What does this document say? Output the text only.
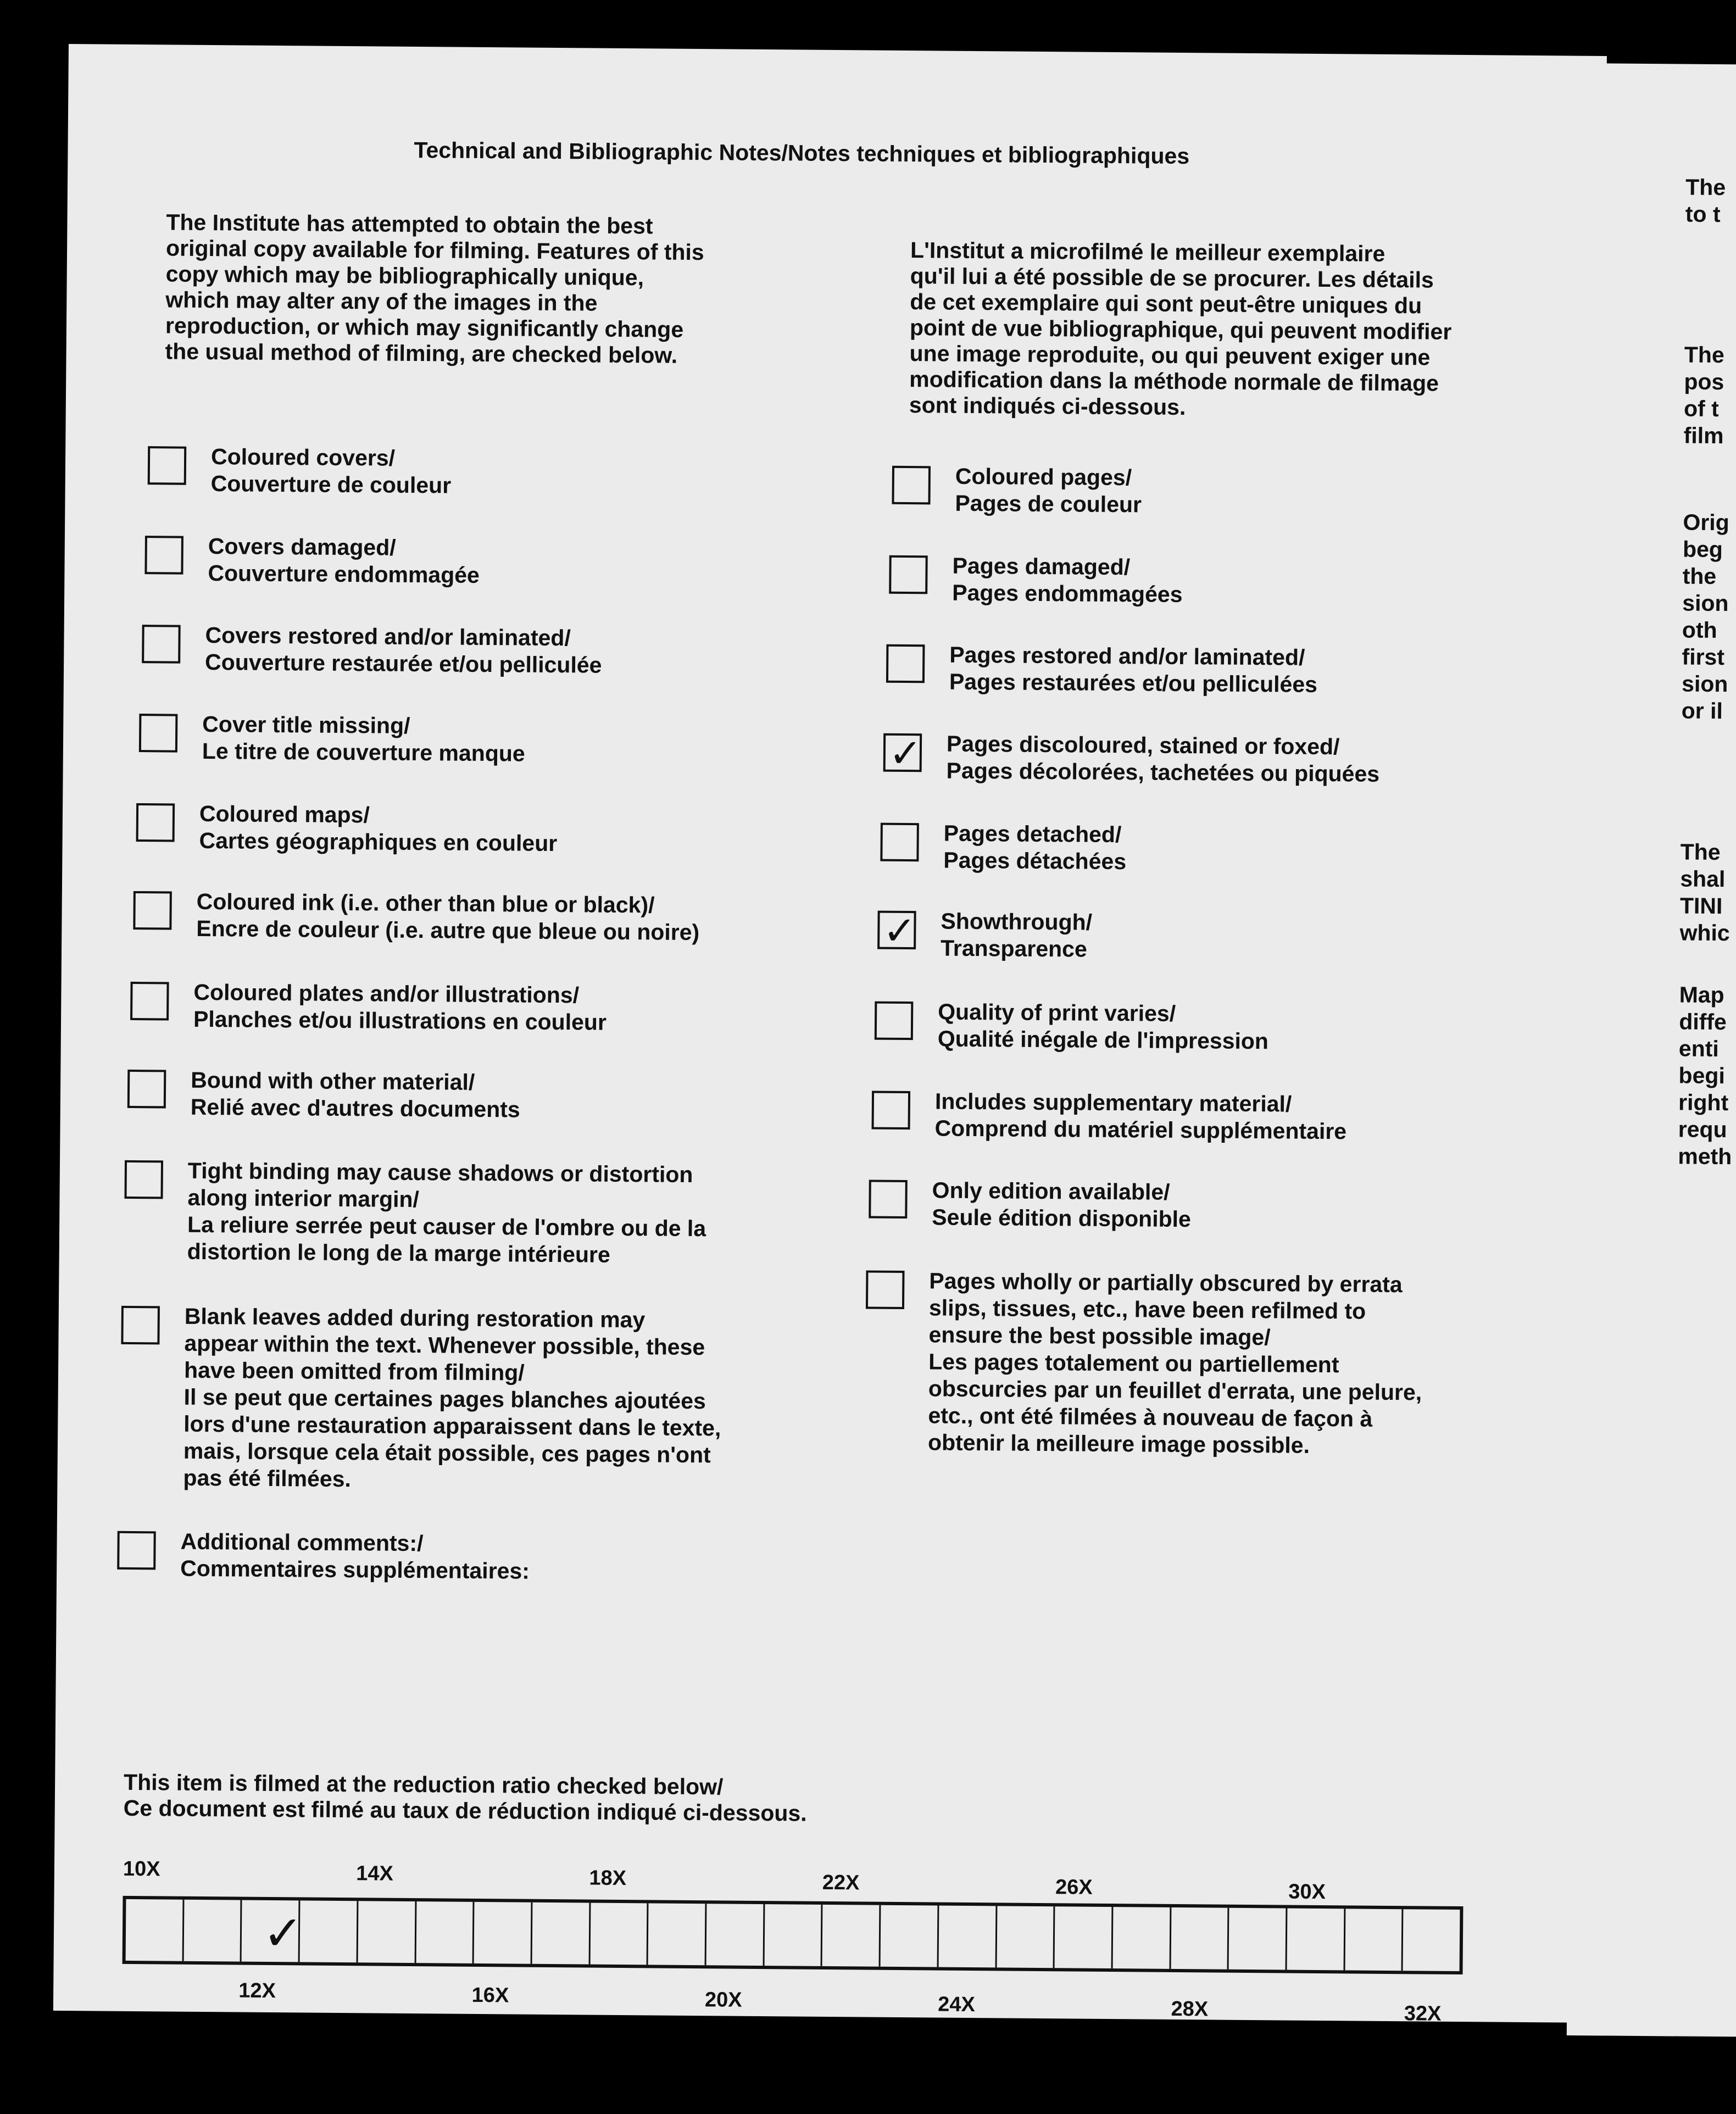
Technical and Bibliographic Notes/Notes techniques et bibliographiques
The Institute has attempted to obtain the best
original copy available for filming. Features of this
copy which may be bibliographically unique,
which may alter any of the images in the
reproduction, or which may significantly change
the usual method of filming, are checked below.
L'Institut a microfilmé le meilleur exemplaire
qu'il lui a été possible de se procurer. Les détails
de cet exemplaire qui sont peut-être uniques du
point de vue bibliographique, qui peuvent modifier
une image reproduite, ou qui peuvent exiger une
modification dans la méthode normale de filmage
sont indiqués ci-dessous.
Coloured covers/
Couverture de couleur
Covers damaged/
Couverture endommagée
Covers restored and/or laminated/
Couverture restaurée et/ou pelliculée
Cover title missing/
Le titre de couverture manque
Coloured maps/
Cartes géographiques en couleur
Coloured ink (i.e. other than blue or black)/
Encre de couleur (i.e. autre que bleue ou noire)
Coloured plates and/or illustrations/
Planches et/ou illustrations en couleur
Bound with other material/
Relié avec d'autres documents
Tight binding may cause shadows or distortion
along interior margin/
La reliure serrée peut causer de l'ombre ou de la
distortion le long de la marge intérieure
Blank leaves added during restoration may
appear within the text. Whenever possible, these
have been omitted from filming/
Il se peut que certaines pages blanches ajoutées
lors d'une restauration apparaissent dans le texte,
mais, lorsque cela était possible, ces pages n'ont
pas été filmées.
Additional comments:/
Commentaires supplémentaires:
Coloured pages/
Pages de couleur
Pages damaged/
Pages endommagées
Pages restored and/or laminated/
Pages restaurées et/ou pelliculées
✓ Pages discoloured, stained or foxed/
Pages décolorées, tachetées ou piquées
Pages detached/
Pages détachées
✓ Showthrough/
Transparence
Quality of print varies/
Qualité inégale de l'impression
Includes supplementary material/
Comprend du matériel supplémentaire
Only edition available/
Seule édition disponible
Pages wholly or partially obscured by errata
slips, tissues, etc., have been refilmed to
ensure the best possible image/
Les pages totalement ou partiellement
obscurcies par un feuillet d'errata, une pelure,
etc., ont été filmées à nouveau de façon à
obtenir la meilleure image possible.
This item is filmed at the reduction ratio checked below/
Ce document est filmé au taux de réduction indiqué ci-dessous.
10X	14X	18X	22X	26X	30X
✓
12X	16X	20X	24X	28X	32X
The
to t
The
pos
of t
film
Orig
beg
the
sion
oth
first
sion
or il
The
shal
TINI
whic
Map
diffe
enti
begi
right
requ
meth
